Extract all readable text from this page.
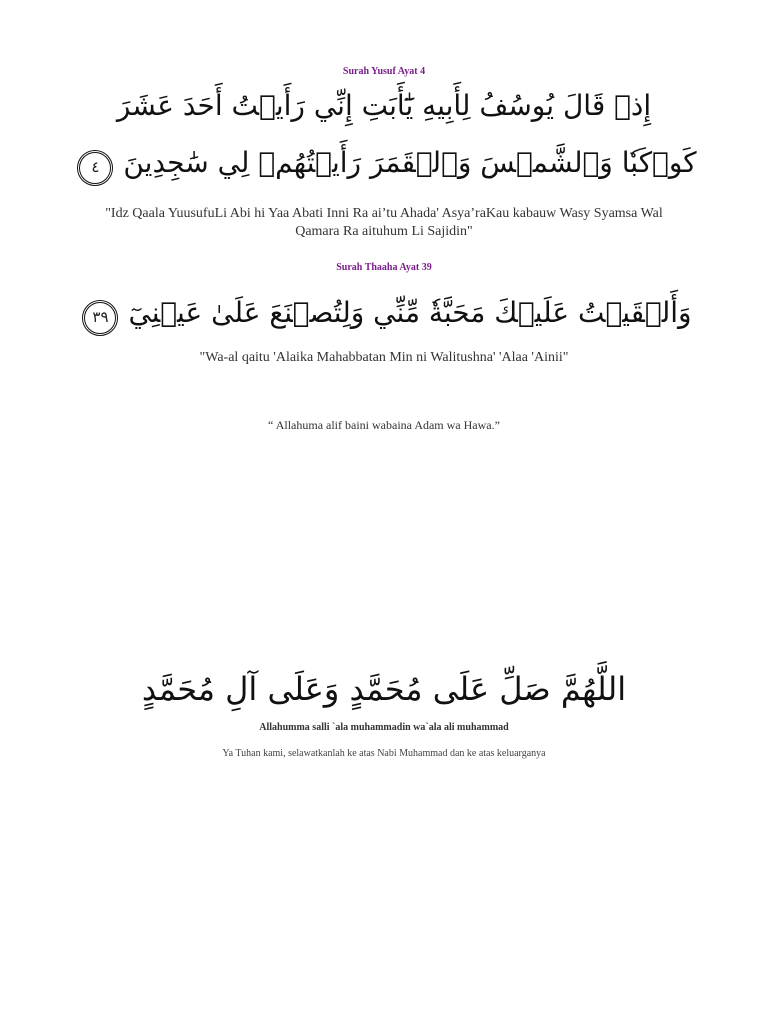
Surah Yusuf Ayat 4
إِذۡ قَالَ يُوسُفُ لِأَبِيهِ يَٰٓأَبَتِ إِنِّي رَأَيۡتُ أَحَدَ عَشَرَ
٤ كَوۡكَبٗا وَٱلشَّمۡسَ وَٱلۡقَمَرَ رَأَيۡتُهُمۡ لِي سَٰجِدِينَ
"Idz Qaala YuusufuLi Abi hi Yaa Abati Inni Ra ai’tu Ahada' Asya’raKau kabauw Wasy Syamsa Wal
Qamara Ra aituhum Li Sajidin"
Surah Thaaha Ayat 39
٣٩ وَأَلۡقَيۡتُ عَلَيۡكَ مَحَبَّةٗ مِّنِّي وَلِتُصۡنَعَ عَلَىٰ عَيۡنِيٓ
"Wa-al qaitu 'Alaika Mahabbatan Min ni Walitushna' 'Alaa 'Ainii"
“ Allahuma alif baini wabaina Adam wa Hawa.”
اللَّهُمَّ صَلِّ عَلَى مُحَمَّدٍ وَعَلَى آلِ مُحَمَّدٍ
Allahumma salli `ala muhammadin wa`ala ali muhammad
Ya Tuhan kami, selawatkanlah ke atas Nabi Muhammad dan ke atas keluarganya
